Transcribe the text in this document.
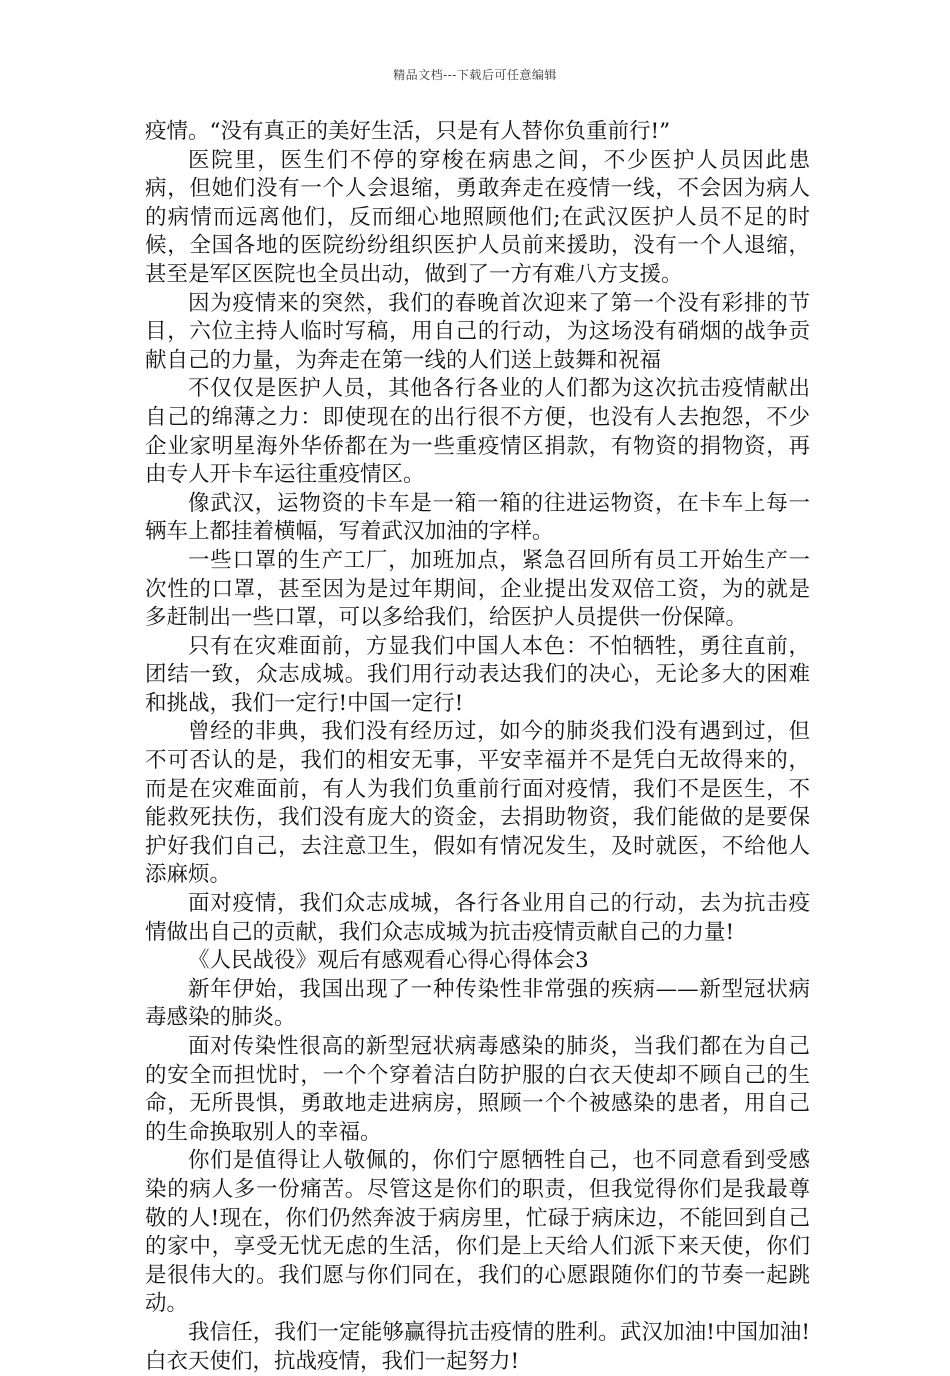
精品文档---下载后可任意编辑

疫情。“没有真正的美好生活，只是有人替你负重前行!”

医院里，医生们不停的穿梭在病患之间，不少医护人员因此患病，但她们没有一个人会退缩，勇敢奔走在疫情一线，不会因为病人的病情而远离他们，反而细心地照顾他们;在武汉医护人员不足的时候，全国各地的医院纷纷组织医护人员前来援助，没有一个人退缩，甚至是军区医院也全员出动，做到了一方有难八方支援。

因为疫情来的突然，我们的春晚首次迎来了第一个没有彩排的节目，六位主持人临时写稿，用自己的行动，为这场没有硝烟的战争贡献自己的力量，为奔走在第一线的人们送上鼓舞和祝福

不仅仅是医护人员，其他各行各业的人们都为这次抗击疫情献出自己的绵薄之力：即使现在的出行很不方便，也没有人去抱怨，不少企业家明星海外华侨都在为一些重疫情区捐款，有物资的捐物资，再由专人开卡车运往重疫情区。

像武汉，运物资的卡车是一箱一箱的往进运物资，在卡车上每一辆车上都挂着横幅，写着武汉加油的字样。

一些口罩的生产工厂，加班加点，紧急召回所有员工开始生产一次性的口罩，甚至因为是过年期间，企业提出发双倍工资，为的就是多赶制出一些口罩，可以多给我们，给医护人员提供一份保障。

只有在灾难面前，方显我们中国人本色：不怕牺牲，勇往直前，团结一致，众志成城。我们用行动表达我们的决心，无论多大的困难和挑战，我们一定行!中国一定行!

曾经的非典，我们没有经历过，如今的肺炎我们没有遇到过，但不可否认的是，我们的相安无事，平安幸福并不是凭白无故得来的，而是在灾难面前，有人为我们负重前行面对疫情，我们不是医生，不能救死扶伤，我们没有庞大的资金，去捐助物资，我们能做的是要保护好我们自己，去注意卫生，假如有情况发生，及时就医，不给他人添麻烦。

面对疫情，我们众志成城，各行各业用自己的行动，去为抗击疫情做出自己的贡献，我们众志成城为抗击疫情贡献自己的力量!

《人民战役》观后有感观看心得心得体会3

新年伊始，我国出现了一种传染性非常强的疾病——新型冠状病毒感染的肺炎。

面对传染性很高的新型冠状病毒感染的肺炎，当我们都在为自己的安全而担忧时，一个个穿着洁白防护服的白衣天使却不顾自己的生命，无所畏惧，勇敢地走进病房，照顾一个个被感染的患者，用自己的生命换取别人的幸福。

你们是值得让人敬佩的，你们宁愿牺牲自己，也不同意看到受感染的病人多一份痛苦。尽管这是你们的职责，但我觉得你们是我最尊敬的人!现在，你们仍然奔波于病房里，忙碌于病床边，不能回到自己的家中，享受无忧无虑的生活，你们是上天给人们派下来天使，你们是很伟大的。我们愿与你们同在，我们的心愿跟随你们的节奏一起跳动。

我信任，我们一定能够赢得抗击疫情的胜利。武汉加油!中国加油!白衣天使们，抗战疫情，我们一起努力!
